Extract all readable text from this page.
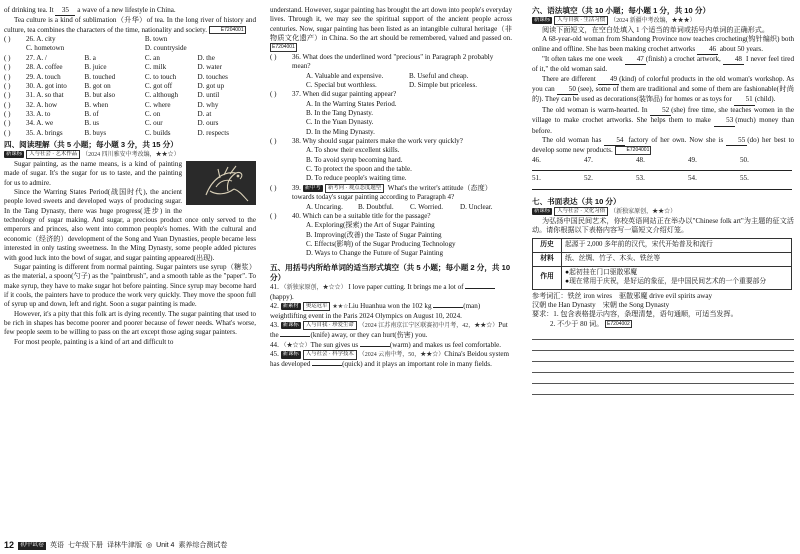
of drinking tea. It 35 a wave of a new lifestyle in China.

Tea culture is a kind of sublimation（升华）of tea. In the long river of history and culture, tea combines the characters of the time, nationality and society. E7204001

( )	26. A. city	B. town
C. hometown	D. countryside
( )	27. A. /	B. a	C. an	D. the
( )	28. A. coffee	B. juice	C. milk	D. water
( )	29. A. touch	B. touched	C. to touch	D. touches
( )	30. A. got into	B. got on	C. got off	D. got up
( )	31. A. so that	B. but also	C. although	D. until
( )	32. A. how	B. when	C. where	D. why
( )	33. A. to	B. of	C. on	D. at
( )	34. A. we	B. us	C. our	D. ours
( )	35. A. brings	B. buys	C. builds	D. respects
四、阅读理解（共 5 小题；每小题 3 分，共 15 分）

新课标 人与社会 · 艺术作品 （2024 四川雅安中考改编，★★☆）

Sugar painting, as the name means, is a kind of painting made of sugar. It's the sugar for us to taste, and the painting for us to admire.

Since the Warring States Period(战国时代), the ancient people loved sweets and developed ways of producing sugar. In the Tang Dynasty, there was huge progress(进步) in the technology of sugar making. And sugar, a precious product once only served to the emperors and princes, also went into common people's homes. With the cultural and economic（经济的）development of the Song and Yuan Dynasties, people became less interested in only tasting sweetness. In the Ming Dynasty, some people added pictures with good luck into the bowl of sugar, and sugar painting appeared(出现).

Sugar painting is different from normal painting. Sugar painters use syrup（糖浆）as the material, a spoon(勺子) as the "paintbrush", and a smooth table as the "paper". To make syrup, they have to make sugar hot before painting. Since syrup may become hard if it cools, the painters have to produce the work very quickly. They move the spoon full of syrup up and down, left and right. Soon a sugar painting is made.

However, it's a pity that this folk art is dying recently. The sugar painting that used to be rich in shapes has become poorer and poorer because of fewer needs. What's worse, few people seem to be willing to pass on the art except those aging sugar painters.

For most people, painting is a kind of art and difficult to

understand. However, sugar painting has brought the art down into people's everyday lives. Through it, we may see the spiritual support of the ancient people across centuries. Now, sugar painting has been listed as an intangible cultural heritage（非物质文化遗产）in China. So the art should be remembered, valued and passed on. E7204001

( )	36. What does the underlined word "precious" in Paragraph 2 probably mean?
A. Valuable and expensive.	B. Useful and cheap.
C. Special but worthless.	D. Simple but priceless.
( )	37. When did sugar painting appear?
A. In the Warring States Period.
B. In the Tang Dynasty.
C. In the Yuan Dynasty.
D. In the Ming Dynasty.
( )	38. Why should sugar painters make the work very quickly?
A. To show their excellent skills.
B. To avoid syrup becoming hard.
C. To protect the spoon and the table.
D. To reduce people's waiting time.
( )	39. 新中考 新考向 · 观点态度题型 What's the writer's attitude（态度）towards today's sugar painting according to Paragraph 4?
A. Uncaring.	B. Doubtful.	C. Worried.	D. Unclear.
( )	40. Which can be a suitable title for the passage?
A. Exploring(探索) the Art of Sugar Painting
B. Improving(改善) the Taste of Sugar Painting
C. Effects(影响) of the Sugar Producing Technology
D. Ways to Change the Future of Sugar Painting
五、用括号内所给单词的适当形式填空（共 5 小题；每小题 2 分，共 10 分）

41. （新独家原创，★☆☆） I love paper cutting. It brings me a lot of (happy).

42. 新素材 奥运冠军 ★★☆Liu Huanhua won the 102 kg	(man) weightlifting event in the Paris 2024 Olympics on August 10, 2024.

43. 新课标 人与自我 · 珍爱生命 （2024 江苏南京江宁区联赛初中月考，42，★★☆）Put the	(knife) away, or they can hurt(伤害) you.

44. （★☆☆）The sun gives us	(warm) and makes us feel comfortable.

45. 新课标 人与社会 · 科学技术 （2024 云南中考，50，★★☆）China's Beidou system has developed	(quick) and it plays an important role in many fields.

六、语法填空（共 10 小题；每小题 1 分，共 10 分）

新课标 人与自我 · 生活习惯 （2024 新疆中考改编，★★★）

阅读下面短文，在空白处填入 1 个适当的单词或括号内单词的正确形式。

A 68-year-old woman from Shandong Province now teaches crocheting(钩针编织) both online and offline. She has been making crochet artworks 46 about 50 years.

"It often takes me one week 47 (finish) a crochet artwork, 48 I never feel tired of it," the old woman said.

There are different 49 (kind) of colorful products in the old woman's workshop. As you can 50 (see), some of them are traditional and some of them are fashionable(时尚的). They can be used as decorations(装饰品) for homes or as toys for 51 (child).

The old woman is warm-hearted. In 52 (she) free time, she teaches women in the village to make crochet artworks. She helps them to make 53 (much) money than before.

The old woman has 54 factory of her own. Now she is 55 (do) her best to develop some new products. E7204001

46.	47.	48.	49.	50.
51.	52.	53.	54.	55.
七、书面表达（共 10 分）

新课标 人与社会 · 文化习俗 （新独家原创，★★☆）

为弘扬中国民间艺术，你校英语网站正在举办以"Chinese folk art"为主题的征文活动。请你根据以下表格内容写一篇短文介绍灯笼。

历史	起源于 2,000 多年前的汉代，宋代开始普及和流行
材料	纸、丝绸、竹子、木头、铁丝等
作用	●起初挂在门口驱散邪魔
●现在常用于庆祝，是好运的象征，是中国民间艺术的一个重要部分

参考词汇：铁丝 iron wires　驱散邪魔 drive evil spirits away

汉朝 the Han Dynasty　宋朝 the Song Dynasty

要求：1. 包含表格提示内容，条理清楚，语句通顺，可适当发挥。

2. 不少于 80 词。 E7204002

12	初中试卷 英语 七年级下册 译林牛津版 ◎ Unit 4 素养综合测试卷
